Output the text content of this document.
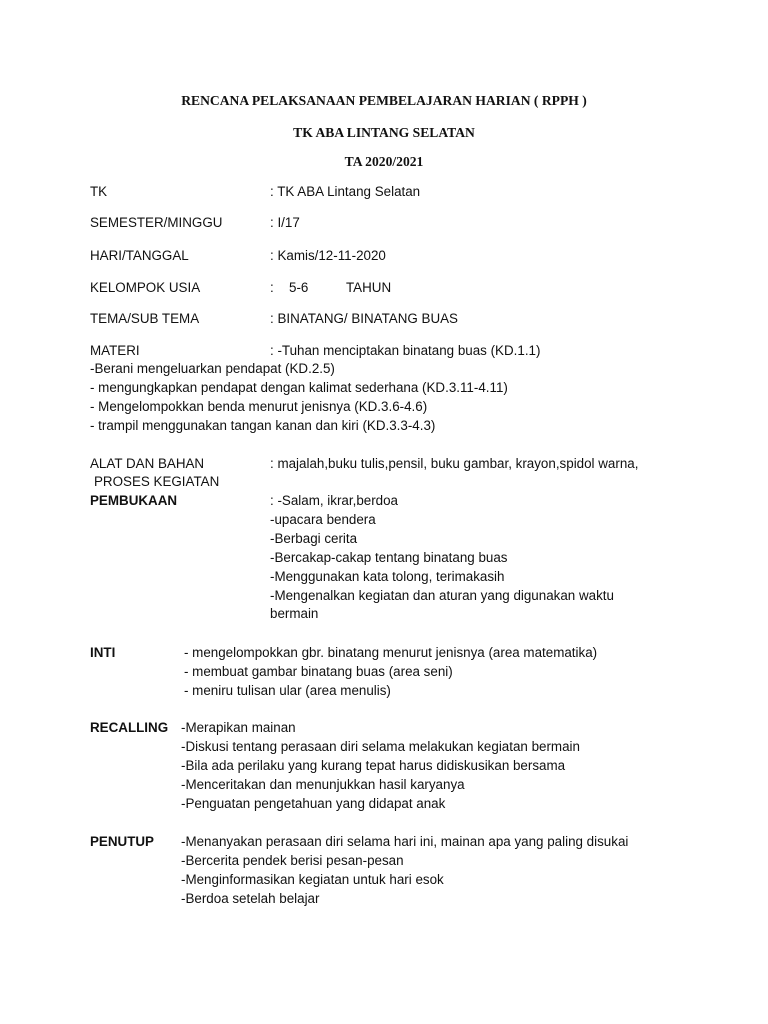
RENCANA PELAKSANAAN PEMBELAJARAN HARIAN ( RPPH )
TK ABA LINTANG SELATAN
TA 2020/2021
TK	: TK ABA Lintang Selatan
SEMESTER/MINGGU	: I/17
HARI/TANGGAL	: Kamis/12-11-2020
KELOMPOK USIA	: 5-6	TAHUN
TEMA/SUB TEMA	: BINATANG/ BINATANG BUAS
MATERI	: -Tuhan menciptakan binatang buas (KD.1.1)
-Berani mengeluarkan pendapat (KD.2.5)
- mengungkapkan pendapat dengan kalimat sederhana (KD.3.11-4.11)
- Mengelompokkan benda menurut jenisnya (KD.3.6-4.6)
- trampil menggunakan tangan kanan dan kiri (KD.3.3-4.3)
ALAT DAN BAHAN	: majalah,buku tulis,pensil, buku gambar, krayon,spidol warna,
PROSES KEGIATAN
PEMBUKAAN	: -Salam, ikrar,berdoa
-upacara bendera
-Berbagi cerita
-Bercakap-cakap tentang binatang buas
-Menggunakan kata tolong, terimakasih
-Mengenalkan kegiatan dan aturan yang digunakan waktu
bermain
INTI	- mengelompokkan gbr. binatang menurut jenisnya (area matematika)
- membuat gambar binatang buas (area seni)
- meniru tulisan ular (area menulis)
RECALLING -Merapikan mainan
-Diskusi tentang perasaan diri selama melakukan kegiatan bermain
-Bila ada perilaku yang kurang tepat harus didiskusikan bersama
-Menceritakan dan menunjukkan hasil karyanya
-Penguatan pengetahuan yang didapat anak
PENUTUP -Menanyakan perasaan diri selama hari ini, mainan apa yang paling disukai
-Bercerita pendek berisi pesan-pesan
-Menginformasikan kegiatan untuk hari esok
-Berdoa setelah belajar
